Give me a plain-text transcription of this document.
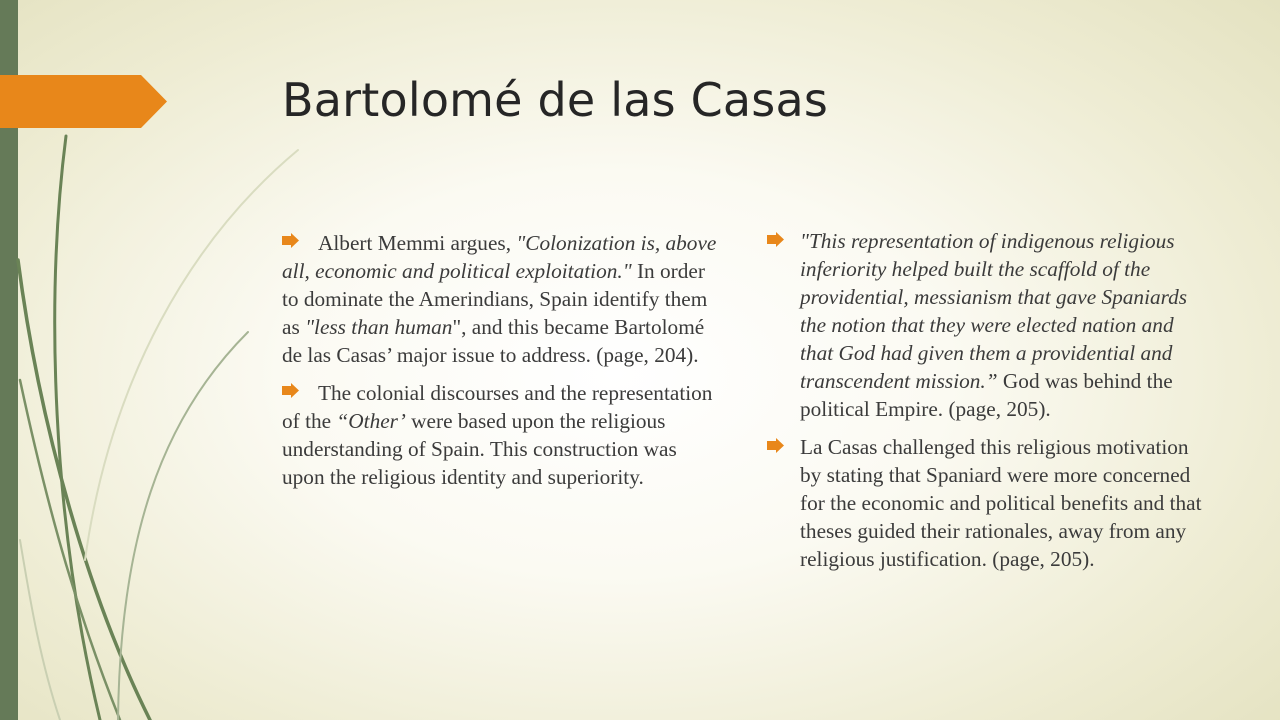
Bartolomé de las Casas
Albert Memmi argues, "Colonization is, above all, economic and political exploitation." In order to dominate the Amerindians, Spain identify them as "less than human", and this became Bartolomé de las Casas’ major issue to address. (page, 204).
The colonial discourses and the representation of the “Other’ were based upon the religious understanding of Spain. This construction was upon the religious identity and superiority.
"This representation of indigenous religious inferiority helped built the scaffold of the providential, messianism that gave Spaniards the notion that they were elected nation and that God had given them a providential and transcendent mission.” God was behind the political Empire. (page, 205).
La Casas challenged this religious motivation by stating that Spaniard were more concerned for the economic and political benefits and that theses guided their rationales, away from any religious justification. (page, 205).
